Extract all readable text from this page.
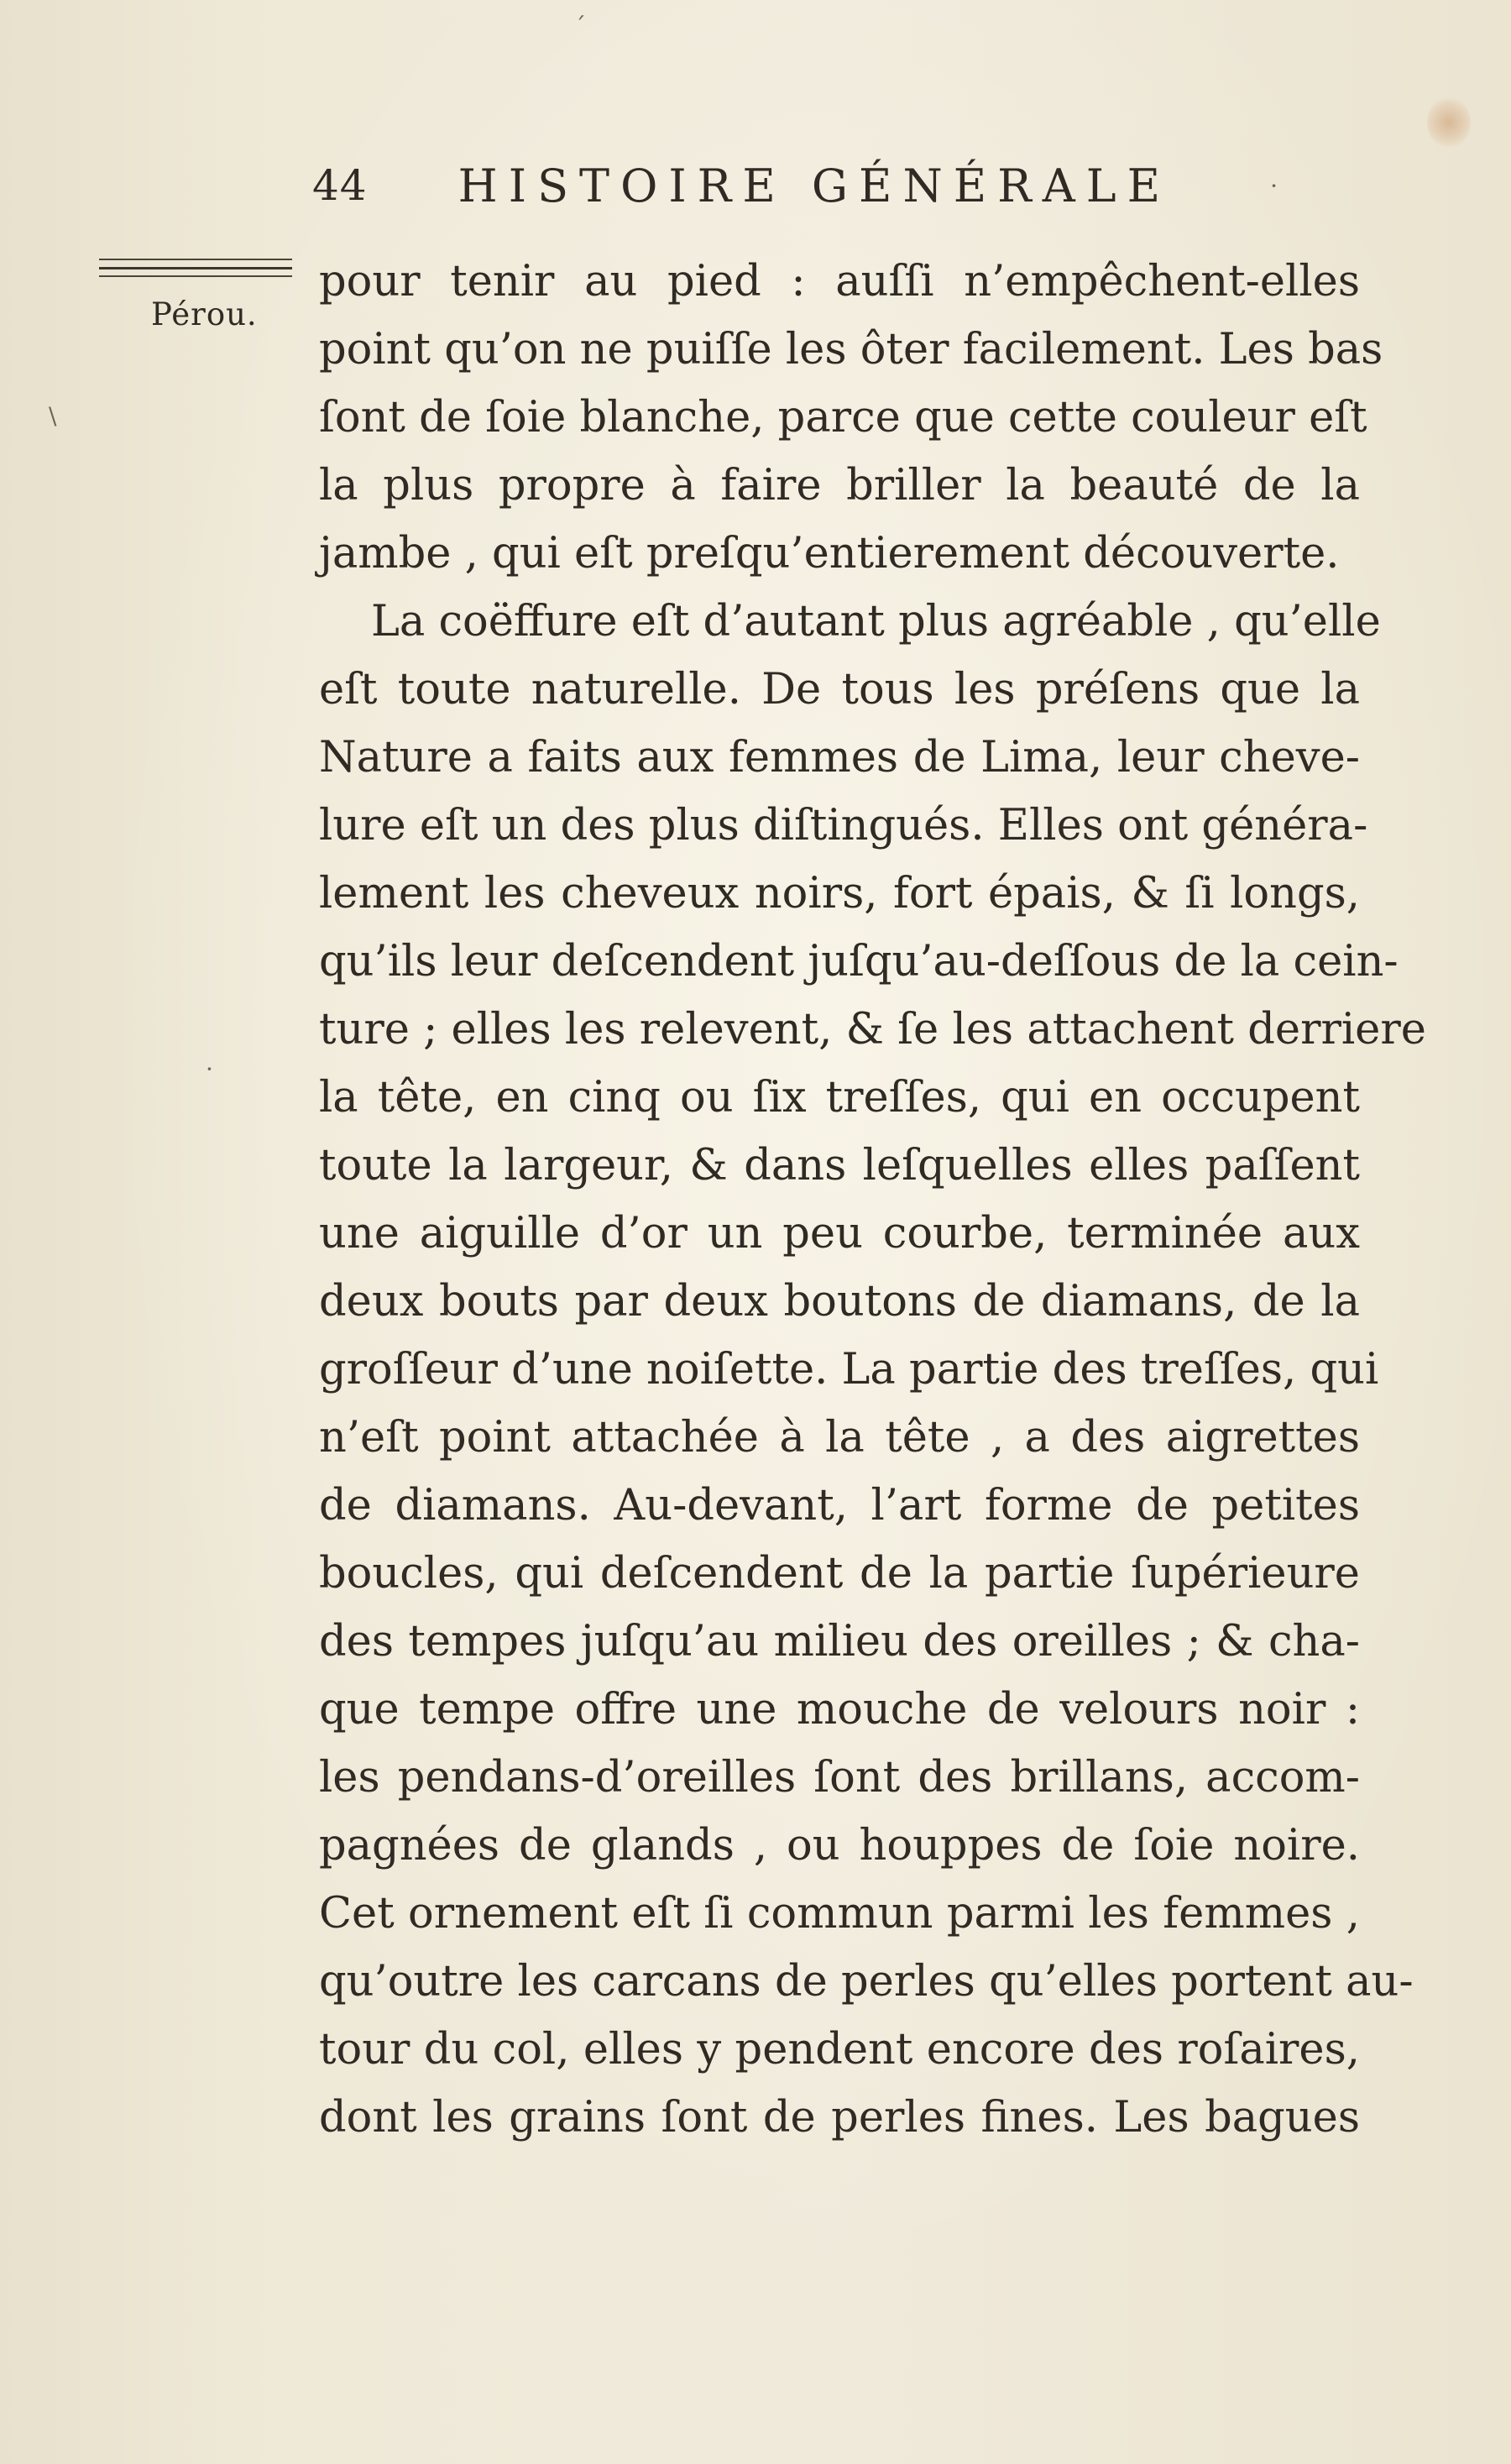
´
\
·
44	HISTOIRE GÉNÉRALE	·
Pérou.
pour tenir au pied : auſſi n’empêchent-elles
point qu’on ne puiſſe les ôter facilement. Les bas
ſont de ſoie blanche, parce que cette couleur eſt
la plus propre à faire briller la beauté de la
jambe , qui eſt preſqu’entierement découverte.
La coëffure eſt d’autant plus agréable , qu’elle
eſt toute naturelle. De tous les préſens que la
Nature a faits aux femmes de Lima, leur cheve-
lure eſt un des plus diſtingués. Elles ont généra-
lement les cheveux noirs, fort épais, & ſi longs,
qu’ils leur deſcendent juſqu’au-deſſous de la cein-
ture ; elles les relevent, & ſe les attachent derriere
la tête, en cinq ou ſix treſſes, qui en occupent
toute la largeur, & dans leſquelles elles paſſent
une aiguille d’or un peu courbe, terminée aux
deux bouts par deux boutons de diamans, de la
groſſeur d’une noiſette. La partie des treſſes, qui
n’eſt point attachée à la tête , a des aigrettes
de diamans. Au-devant, l’art forme de petites
boucles, qui deſcendent de la partie ſupérieure
des tempes juſqu’au milieu des oreilles ; & cha-
que tempe offre une mouche de velours noir :
les pendans-d’oreilles ſont des brillans, accom-
pagnées de glands , ou houppes de ſoie noire.
Cet ornement eſt ſi commun parmi les femmes ,
qu’outre les carcans de perles qu’elles portent au-
tour du col, elles y pendent encore des roſaires,
dont les grains ſont de perles fines. Les bagues
